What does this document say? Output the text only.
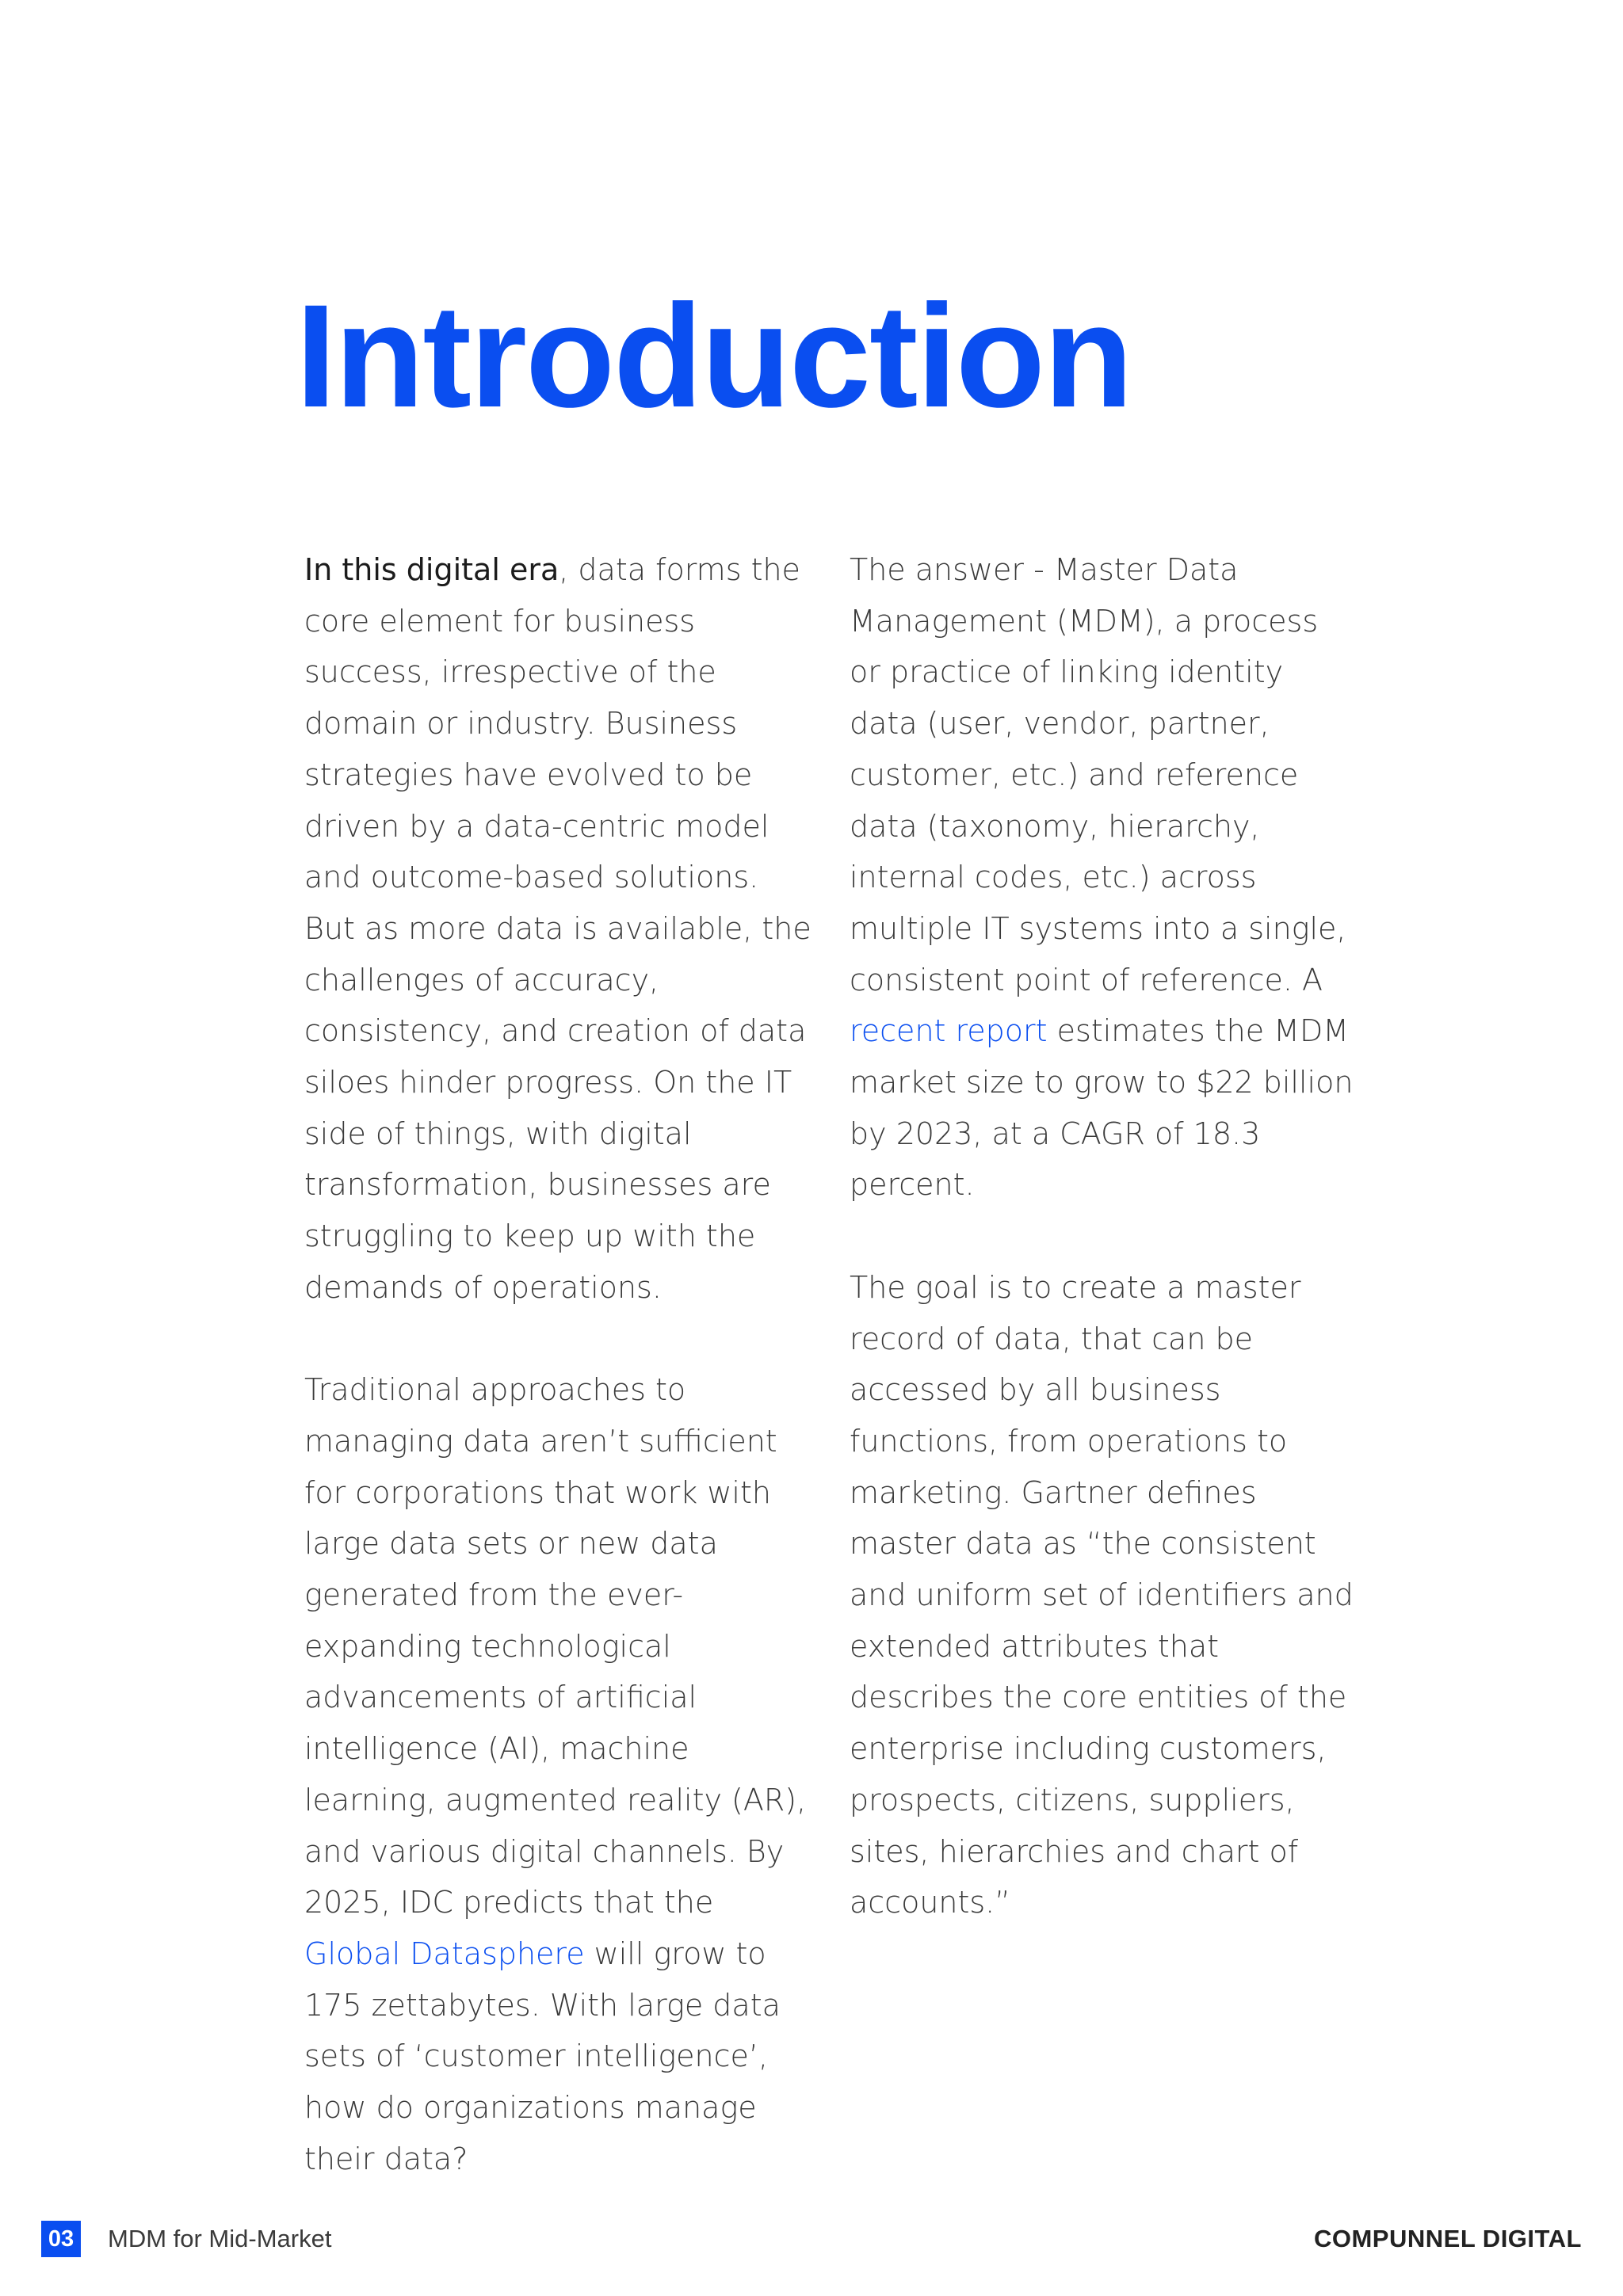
Introduction

In this digital era, data forms the core element for business success, irrespective of the domain or industry. Business strategies have evolved to be driven by a data-centric model and outcome-based solutions. But as more data is available, the challenges of accuracy, consistency, and creation of data siloes hinder progress. On the IT side of things, with digital transformation, businesses are struggling to keep up with the demands of operations.

Traditional approaches to managing data aren’t sufficient for corporations that work with large data sets or new data generated from the ever-expanding technological advancements of artificial intelligence (AI), machine learning, augmented reality (AR), and various digital channels. By 2025, IDC predicts that the Global Datasphere will grow to 175 zettabytes. With large data sets of ‘customer intelligence’, how do organizations manage their data?

The answer - Master Data Management (MDM), a process or practice of linking identity data (user, vendor, partner, customer, etc.) and reference data (taxonomy, hierarchy, internal codes, etc.) across multiple IT systems into a single, consistent point of reference. A recent report estimates the MDM market size to grow to $22 billion by 2023, at a CAGR of 18.3 percent.

The goal is to create a master record of data, that can be accessed by all business functions, from operations to marketing. Gartner defines master data as “the consistent and uniform set of identifiers and extended attributes that describes the core entities of the enterprise including customers, prospects, citizens, suppliers, sites, hierarchies and chart of accounts.”

03 MDM for Mid-Market	COMPUNNEL DIGITAL
